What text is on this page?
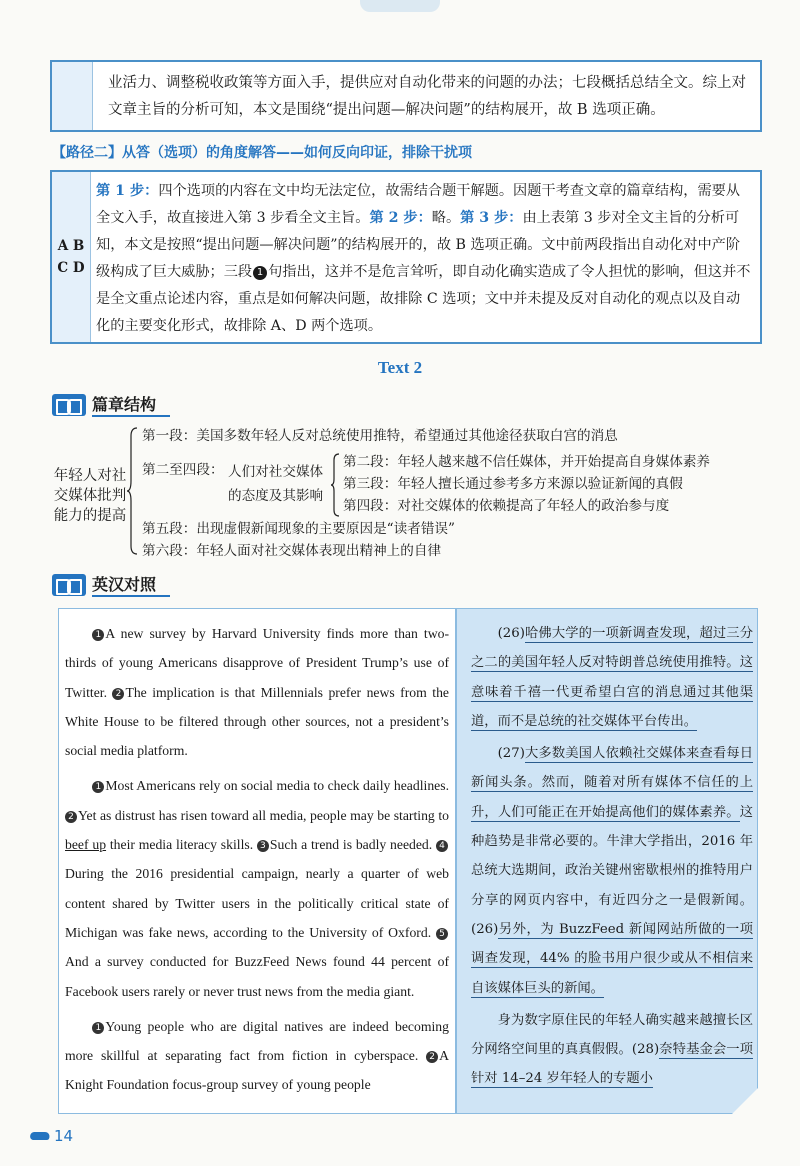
业活力、调整税收政策等方面入手，提供应对自动化带来的问题的办法；七段概括总结全文。综上对文章主旨的分析可知，本文是围绕“提出问题—解决问题”的结构展开，故 B 选项正确。
【路径二】从答（选项）的角度解答——如何反向印证，排除干扰项
A B
C D
第 1 步：四个选项的内容在文中均无法定位，故需结合题干解题。因题干考查文章的篇章结构，需要从全文入手，故直接进入第 3 步看全文主旨。第 2 步：略。第 3 步：由上表第 3 步对全文主旨的分析可知，本文是按照“提出问题—解决问题”的结构展开的，故 B 选项正确。文中前两段指出自动化对中产阶级构成了巨大威胁；三段 1 句指出，这并不是危言耸听，即自动化确实造成了令人担忧的影响，但这并不是全文重点论述内容，重点是如何解决问题，故排除 C 选项；文中并未提及反对自动化的观点以及自动化的主要变化形式，故排除 A、D 两个选项。
Text 2
篇章结构
年轻人对社交媒体批判能力的提高
第一段：美国多数年轻人反对总统使用推特，希望通过其他途径获取白宫的消息
第二至四段： 人们对社交媒体
的态度及其影响
第二段：年轻人越来越不信任媒体，并开始提高自身媒体素养
第三段：年轻人擅长通过参考多方来源以验证新闻的真假
第四段：对社交媒体的依赖提高了年轻人的政治参与度
第五段：出现虚假新闻现象的主要原因是“读者错误”
第六段：年轻人面对社交媒体表现出精神上的自律
英汉对照

1 A new survey by Harvard University finds more than two-thirds of young Americans disapprove of President Trump’s use of Twitter. 2 The implication is that Millennials prefer news from the White House to be filtered through other sources, not a president’s social media platform.

1 Most Americans rely on social media to check daily headlines. 2 Yet as distrust has risen toward all media, people may be starting to beef up their media literacy skills. 3 Such a trend is badly needed. 4During the 2016 presidential campaign, nearly a quarter of web content shared by Twitter users in the politically critical state of Michigan was fake news, according to the University of Oxford. 5And a survey conducted for BuzzFeed News found 44 percent of Facebook users rarely or never trust news from the media giant.

1 Young people who are digital natives are indeed becoming more skillful at separating fact from fiction in cyberspace. 2 A Knight Foundation focus-group survey of young people

(26)哈佛大学的一项新调查发现，超过三分之二的美国年轻人反对特朗普总统使用推特。这意味着千禧一代更希望白宫的消息通过其他渠道，而不是总统的社交媒体平台传出。

(27)大多数美国人依赖社交媒体来查看每日新闻头条。然而，随着对所有媒体不信任的上升，人们可能正在开始提高他们的媒体素养。这种趋势是非常必要的。牛津大学指出，2016 年总统大选期间，政治关键州密歇根州的推特用户分享的网页内容中，有近四分之一是假新闻。(26)另外，为 BuzzFeed 新闻网站所做的一项调查发现，44% 的脸书用户很少或从不相信来自该媒体巨头的新闻。

身为数字原住民的年轻人确实越来越擅长区分网络空间里的真真假假。(28)奈特基金会一项针对 14–24 岁年轻人的专题小

14
